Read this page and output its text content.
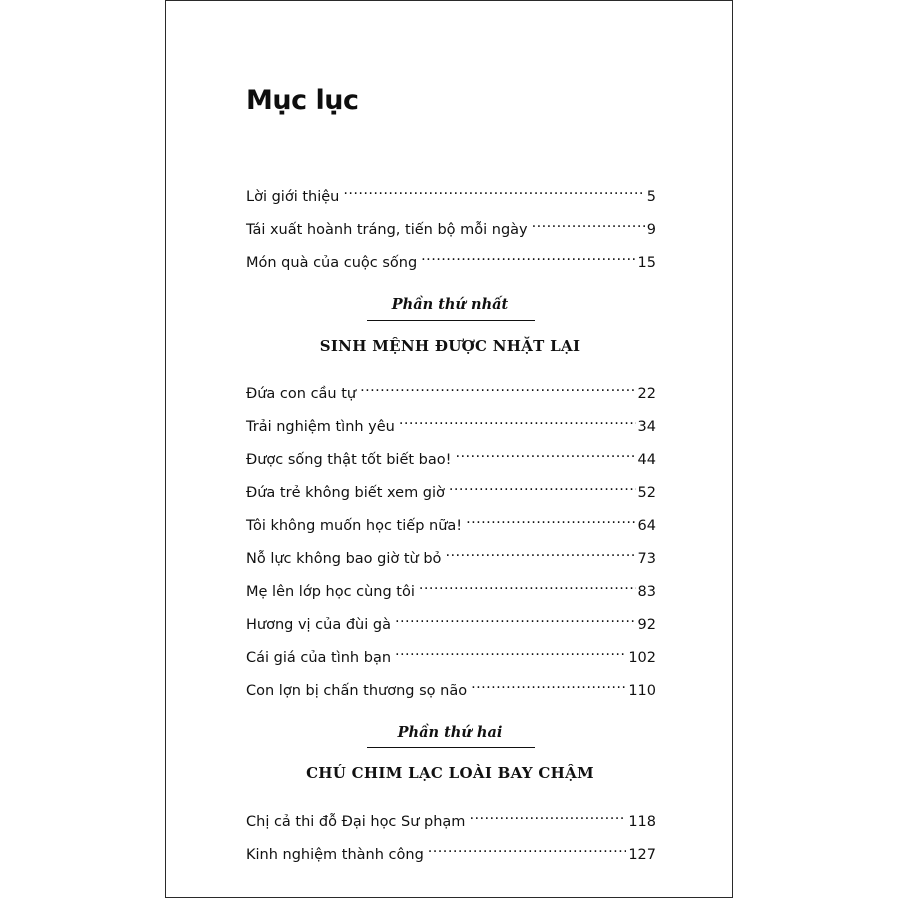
Mục lục
Lời giới thiệu .....	5
Tái xuất hoành tráng, tiến bộ mỗi ngày .....	9
Món quà của cuộc sống .....	15
Phần thứ nhất
SINH MỆNH ĐƯỢC NHẶT LẠI
Đứa con cầu tự .....	22
Trải nghiệm tình yêu .....	34
Được sống thật tốt biết bao! .....	44
Đứa trẻ không biết xem giờ .....	52
Tôi không muốn học tiếp nữa! .....	64
Nỗ lực không bao giờ từ bỏ .....	73
Mẹ lên lớp học cùng tôi .....	83
Hương vị của đùi gà .....	92
Cái giá của tình bạn .....	102
Con lợn bị chấn thương sọ não .....	110
Phần thứ hai
CHÚ CHIM LẠC LOÀI BAY CHẬM
Chị cả thi đỗ Đại học Sư phạm .....	118
Kinh nghiệm thành công .....	127
